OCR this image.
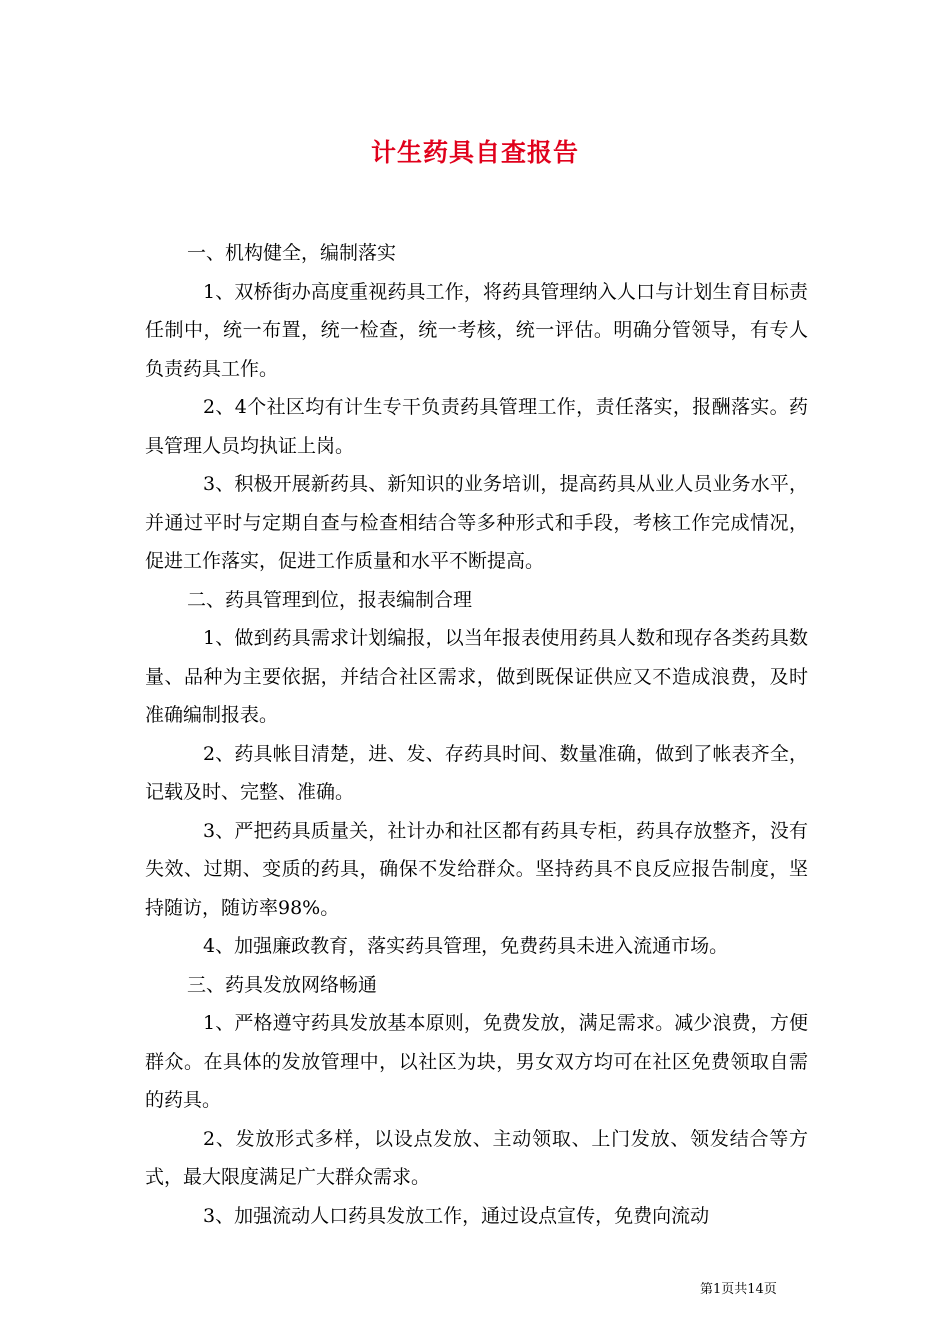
计生药具自查报告

一、机构健全，编制落实

1、双桥街办高度重视药具工作，将药具管理纳入人口与计划生育目标责任制中，统一布置，统一检查，统一考核，统一评估。明确分管领导，有专人负责药具工作。

2、4个社区均有计生专干负责药具管理工作，责任落实，报酬落实。药具管理人员均执证上岗。

3、积极开展新药具、新知识的业务培训，提高药具从业人员业务水平，并通过平时与定期自查与检查相结合等多种形式和手段，考核工作完成情况，促进工作落实，促进工作质量和水平不断提高。

二、药具管理到位，报表编制合理

1、做到药具需求计划编报，以当年报表使用药具人数和现存各类药具数量、品种为主要依据，并结合社区需求，做到既保证供应又不造成浪费，及时准确编制报表。

2、药具帐目清楚，进、发、存药具时间、数量准确，做到了帐表齐全，记载及时、完整、准确。

3、严把药具质量关，社计办和社区都有药具专柜，药具存放整齐，没有失效、过期、变质的药具，确保不发给群众。坚持药具不良反应报告制度，坚持随访，随访率98%。

4、加强廉政教育，落实药具管理，免费药具未进入流通市场。

三、药具发放网络畅通

1、严格遵守药具发放基本原则，免费发放，满足需求。减少浪费，方便群众。在具体的发放管理中，以社区为块，男女双方均可在社区免费领取自需的药具。

2、发放形式多样，以设点发放、主动领取、上门发放、领发结合等方式，最大限度满足广大群众需求。

3、加强流动人口药具发放工作，通过设点宣传，免费向流动

第1页共14页
